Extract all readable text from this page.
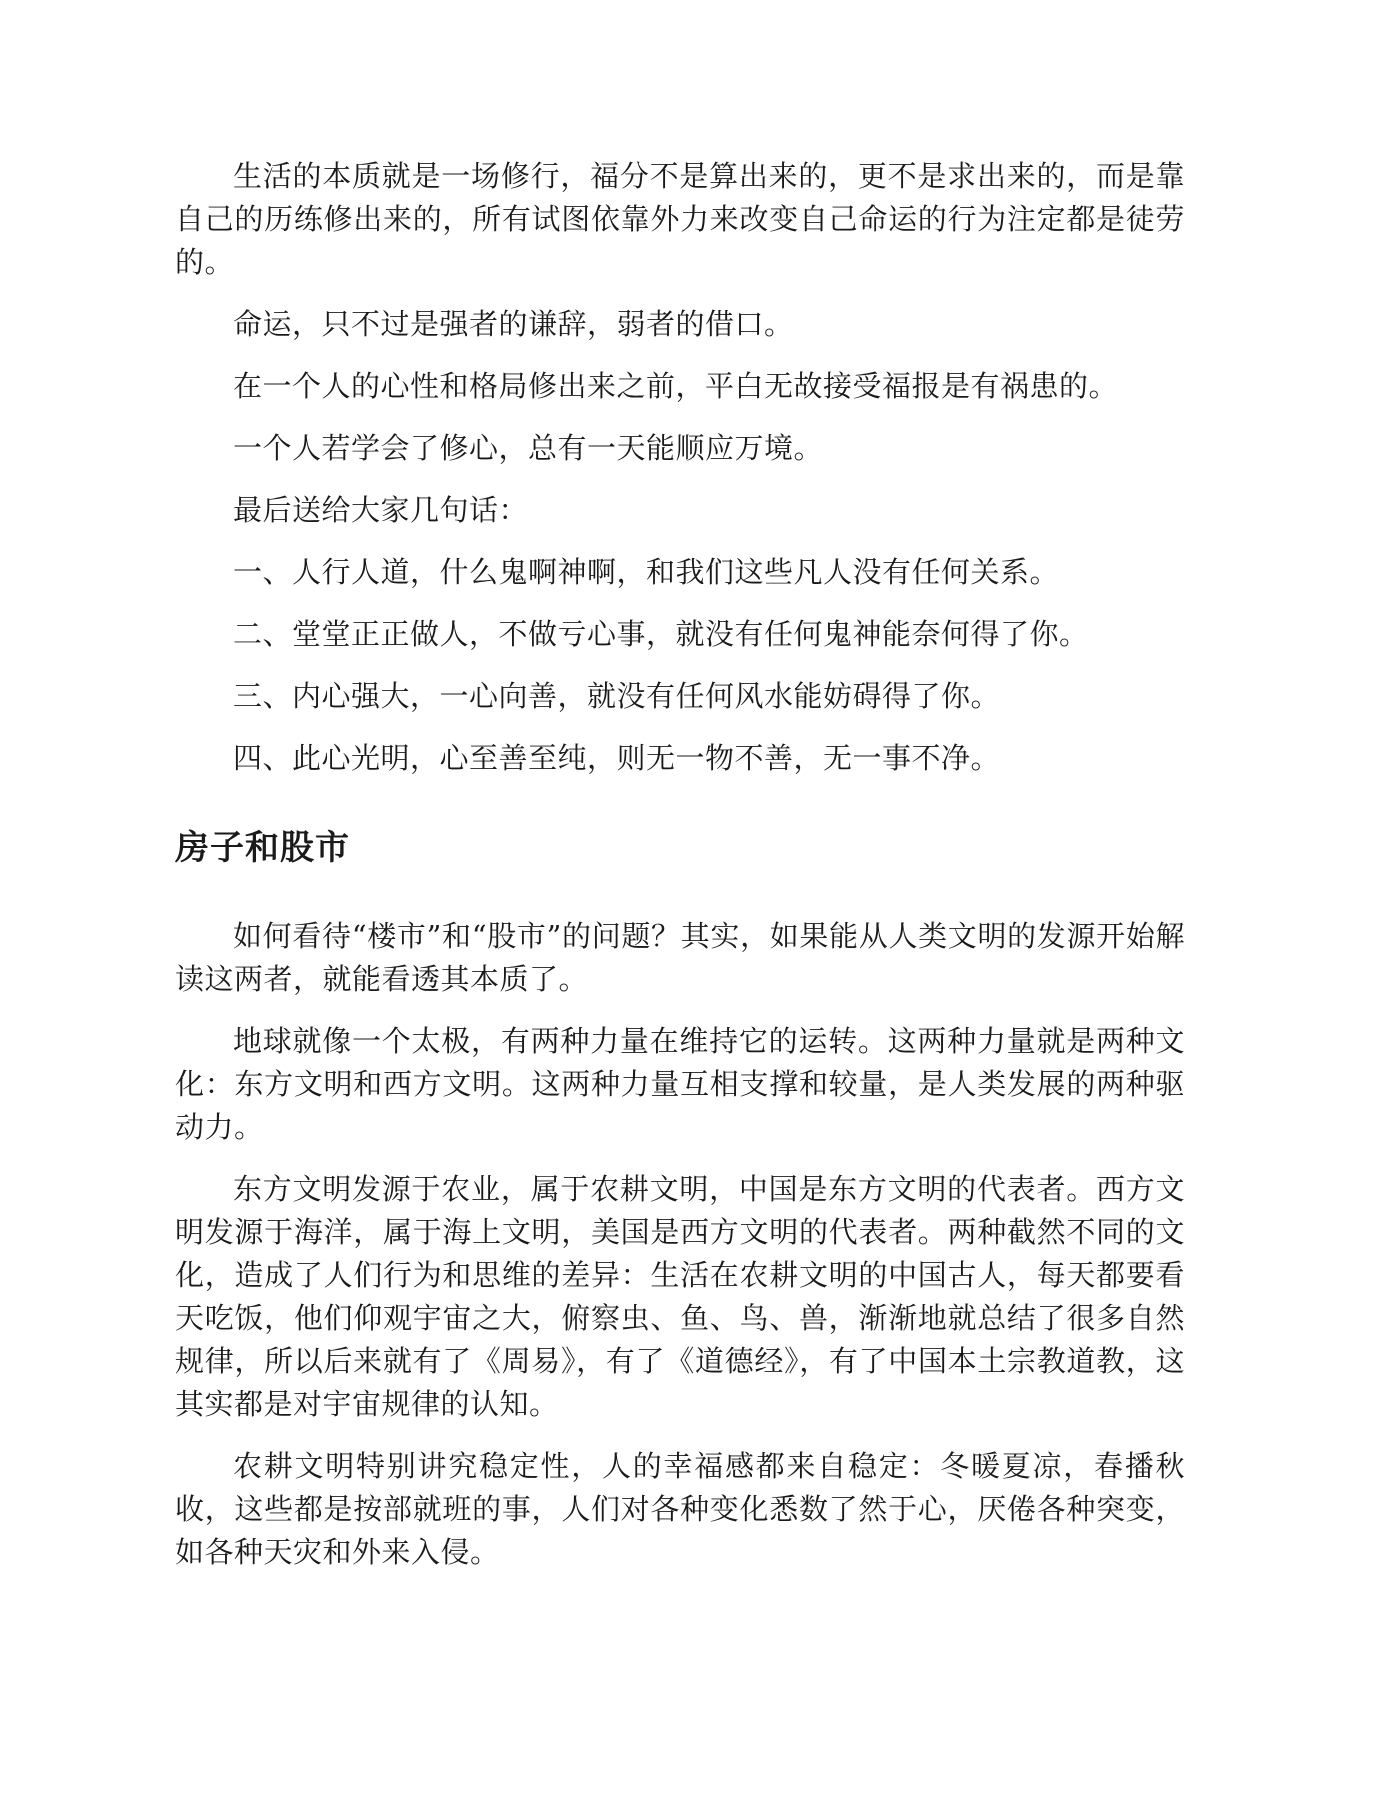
生活的本质就是一场修行，福分不是算出来的，更不是求出来的，而是靠自己的历练修出来的，所有试图依靠外力来改变自己命运的行为注定都是徒劳的。

命运，只不过是强者的谦辞，弱者的借口。

在一个人的心性和格局修出来之前，平白无故接受福报是有祸患的。

一个人若学会了修心，总有一天能顺应万境。

最后送给大家几句话：

一、人行人道，什么鬼啊神啊，和我们这些凡人没有任何关系。

二、堂堂正正做人，不做亏心事，就没有任何鬼神能奈何得了你。

三、内心强大，一心向善，就没有任何风水能妨碍得了你。

四、此心光明，心至善至纯，则无一物不善，无一事不净。

房子和股市

如何看待“楼市”和“股市”的问题？其实，如果能从人类文明的发源开始解读这两者，就能看透其本质了。

地球就像一个太极，有两种力量在维持它的运转。这两种力量就是两种文化：东方文明和西方文明。这两种力量互相支撑和较量，是人类发展的两种驱动力。

东方文明发源于农业，属于农耕文明，中国是东方文明的代表者。西方文明发源于海洋，属于海上文明，美国是西方文明的代表者。两种截然不同的文化，造成了人们行为和思维的差异：生活在农耕文明的中国古人，每天都要看天吃饭，他们仰观宇宙之大，俯察虫、鱼、鸟、兽，渐渐地就总结了很多自然规律，所以后来就有了《周易》，有了《道德经》，有了中国本土宗教道教，这其实都是对宇宙规律的认知。

农耕文明特别讲究稳定性，人的幸福感都来自稳定：冬暖夏凉，春播秋收，这些都是按部就班的事，人们对各种变化悉数了然于心，厌倦各种突变，如各种天灾和外来入侵。
